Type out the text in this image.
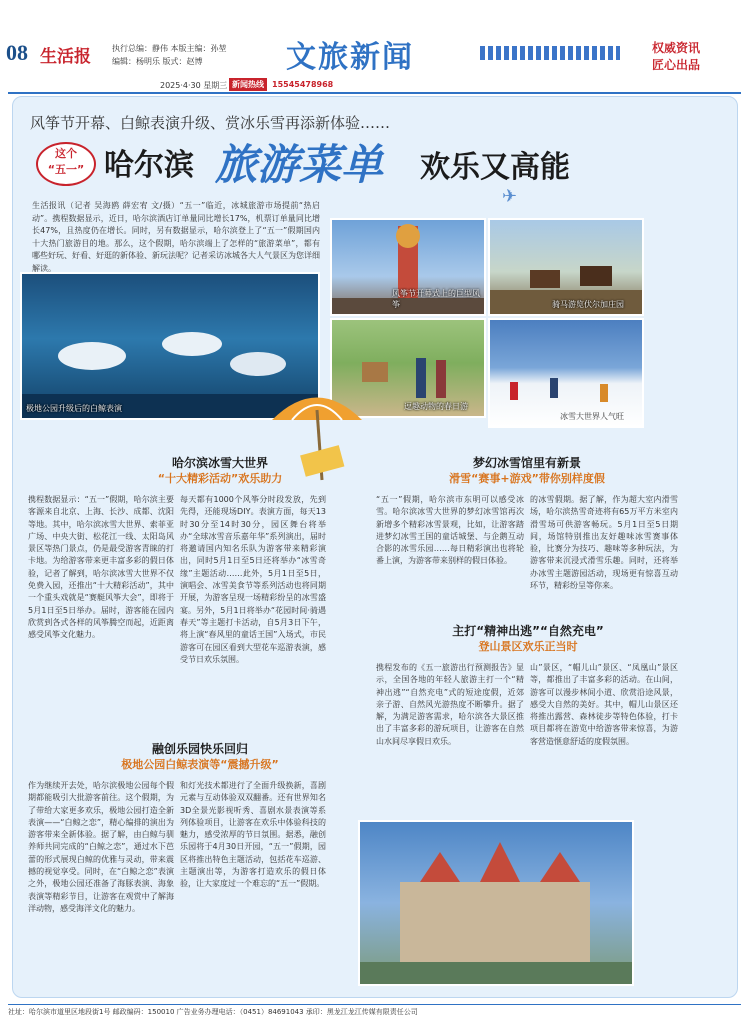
08 生活报	执行总编：静伟 本版主编：孙堃
编辑：杨明乐 版式：赵博	文旅新闻	权威资讯
匠心出品
2025·4·30 星期三 新闻热线	15545478968
风筝节开幕、白鲸表演升级、赏冰乐雪再添新体验……
这个
“五一” 哈尔滨 旅游菜单 欢乐又高能
✈
生活报讯（记者 吴海鸥 薛宏宥 文/摄）“五一”临近，冰城旅游市场提前“热启动”。携程数据显示，近日，哈尔滨酒店订单量同比增长17%，机票订单量同比增长47%，且热度仍在增长。同时，另有数据显示，哈尔滨登上了“五一”假期国内十大热门旅游目的地。那么，这个假期，哈尔滨端上了怎样的“旅游菜单”，都有哪些好玩、好看、好逛的新体验、新玩法呢？记者采访冰城各大人气景区为您详细解读。
极地公园升级后的白鲸表演
风筝节开幕式上的巨型风筝	骑马游览伏尔加庄园
逗趣动物的春日游
冰雪大世界人气旺
哈尔滨冰雪大世界
“十大精彩活动”欢乐助力
携程数据显示：“五一”假期，哈尔滨主要客源来自北京、上海、长沙、成都、沈阳等地。其中，哈尔滨冰雪大世界、索菲亚广场、中央大街、松花江一线、太阳岛风景区等热门景点，仍是最受游客青睐的打卡地。为给游客带来更丰富多彩的假日体验，记者了解到，哈尔滨冰雪大世界不仅免费入园，还推出“十大精彩活动”，其中一个重头戏就是“赛艇风筝大会”，即将于5月1日至5日举办。届时，游客能在园内欣赏到各式各样的风筝腾空而起，近距离感受风筝文化魅力。
每天都有1000个风筝分时段发放，先到先得，还能现场DIY。表演方面，每天13时30分至14时30分，园区舞台将举办“全球冰雪音乐嘉年华”系列演出，届时将邀请国内知名乐队为游客带来精彩演出，同时5月1日至5日还将举办“冰雪奇缘”主题活动……此外，5月1日至5日，演唱会、冰雪美食节等系列活动也将同期开展，为游客呈现一场精彩纷呈的冰雪盛宴。另外，5月1日将举办“花园时间·骑遇春天”等主题打卡活动，自5月3日下午，将上演“春风里的童话王国”入场式，市民游客可在园区看到大型花车巡游表演，感受节日欢乐氛围。
梦幻冰雪馆里有新景
滑雪“赛事+游戏”带你别样度假
“五一”假期，哈尔滨市东明可以感受冰雪。哈尔滨冰雪大世界的梦幻冰雪馆再次新增多个精彩冰雪景观，比如，让游客踏进梦幻冰雪王国的童话城堡、与企鹅互动合影的冰雪乐园……每日精彩演出也将轮番上演，为游客带来别样的假日体验。
的冰雪假期。据了解，作为超大室内滑雪场，哈尔滨热雪奇迹将有65万平方米室内滑雪场可供游客畅玩。5月1日至5日期间，场馆特别推出友好趣味冰雪赛事体验，比赛分为技巧、趣味等多种玩法，为游客带来沉浸式滑雪乐趣。同时，还将举办冰雪主题游园活动，现场更有惊喜互动环节，精彩纷呈等你来。
主打“精神出逃”“自然充电”
登山景区欢乐正当时
携程发布的《五一旅游出行预测报告》显示，全国各地的年轻人旅游主打一个“精神出逃”“自然充电”式的短途度假，近郊亲子游、自然风光游热度不断攀升。据了解，为满足游客需求，哈尔滨各大景区推出了丰富多彩的游玩项目，让游客在自然山水间尽享假日欢乐。
山”景区，“帽儿山”景区、“凤凰山”景区等，都推出了丰富多彩的活动。在山间，游客可以漫步林间小道、欣赏沿途风景，感受大自然的美好。其中，帽儿山景区还将推出露营、森林徒步等特色体验，打卡项目都将在游览中给游客带来惊喜，为游客营造惬意舒适的度假氛围。
融创乐园快乐回归
极地公园白鲸表演等“震撼升级”
作为继续开去处，哈尔滨极地公园每个假期都能吸引大批游客前往。这个假期，为了带给大家更多欢乐，极地公园打造全新表演——“白鲸之恋”，精心编排的演出为游客带来全新体验。据了解，由白鲸与驯养师共同完成的“白鲸之恋”，通过水下芭蕾的形式展现白鲸的优雅与灵动，带来震撼的视觉享受。同时，在“白鲸之恋”表演之外，极地公园还准备了海豚表演、海象表演等精彩节目，让游客在观赏中了解海洋动物，感受海洋文化的魅力。
和灯光技术都进行了全面升级换新，喜剧元素与互动体验双双翻番。还有世界知名3D全景光影视听秀、喜剧水景表演等系列体验项目，让游客在欢乐中体验科技的魅力，感受浓厚的节日氛围。据悉，融创乐园将于4月30日开园，“五一”假期，园区将推出特色主题活动，包括花车巡游、主题演出等，为游客打造欢乐的假日体验，让大家度过一个难忘的“五一”假期。
社址：哈尔滨市道里区地段街1号 邮政编码：150010 广告业务办理电话：（0451）84691043 承印：黑龙江龙江传媒有限责任公司
